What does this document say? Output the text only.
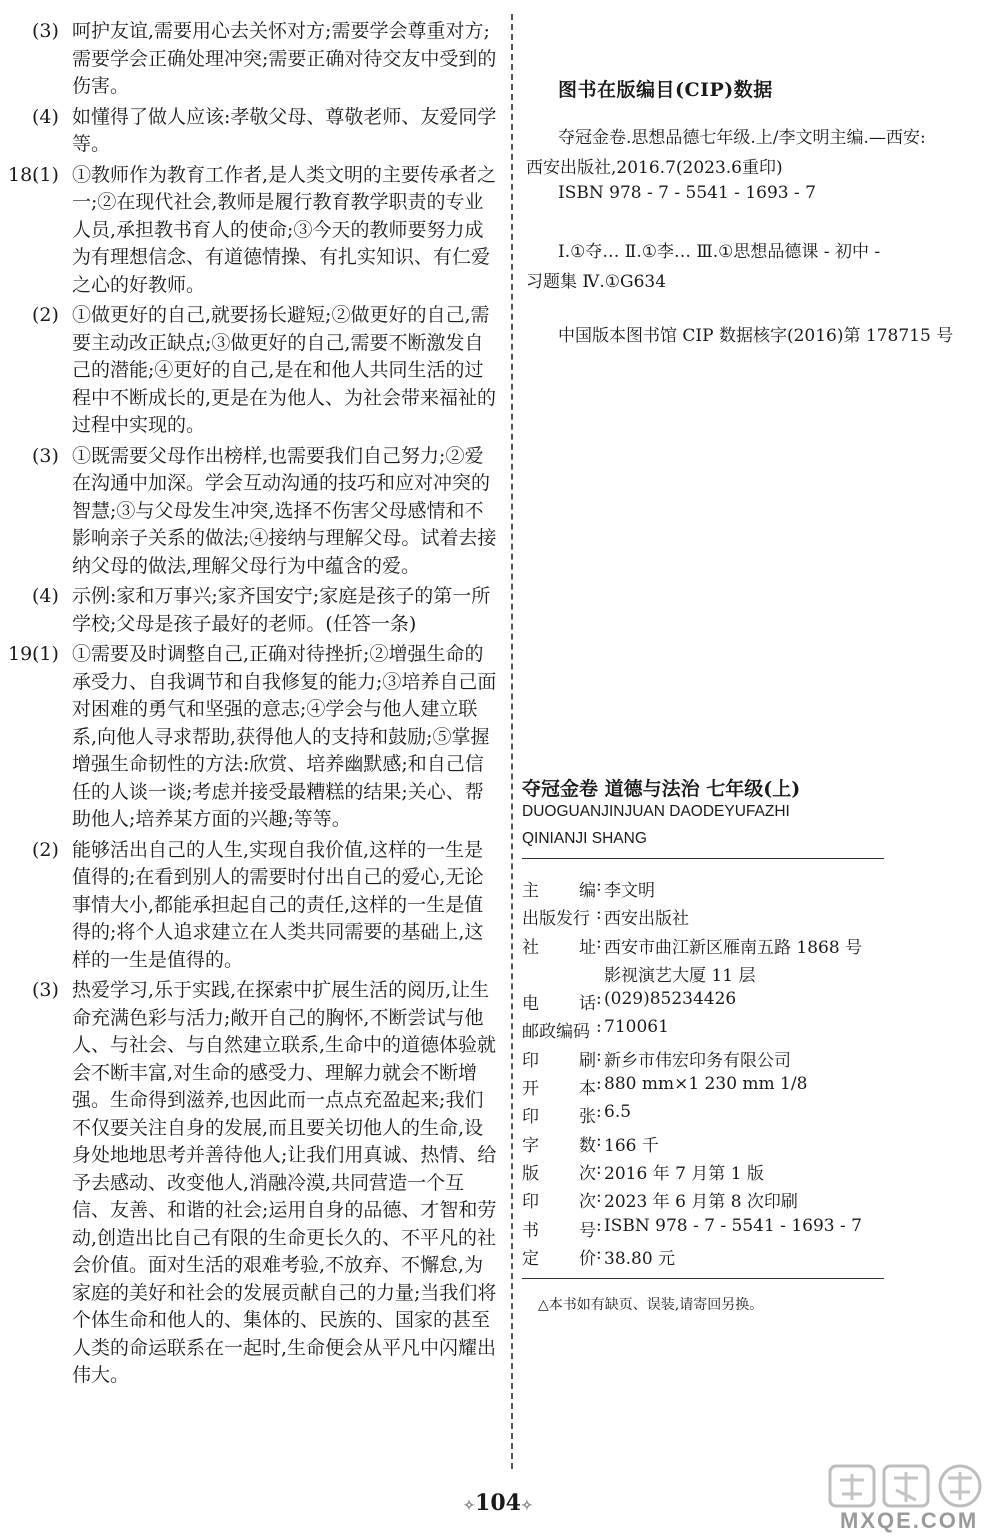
(3) 呵护友谊,需要用心去关怀对方;需要学会尊重对方;需要学会正确处理冲突;需要正确对待交友中受到的伤害。
(4) 如懂得了做人应该:孝敬父母、尊敬老师、友爱同学等。
18.
(1) ①教师作为教育工作者,是人类文明的主要传承者之一;②在现代社会,教师是履行教育教学职责的专业人员,承担教书育人的使命;③今天的教师要努力成为有理想信念、有道德情操、有扎实知识、有仁爱之心的好教师。
(2) ①做更好的自己,就要扬长避短;②做更好的自己,需要主动改正缺点;③做更好的自己,需要不断激发自己的潜能;④更好的自己,是在和他人共同生活的过程中不断成长的,更是在为他人、为社会带来福祉的过程中实现的。
(3) ①既需要父母作出榜样,也需要我们自己努力;②爱在沟通中加深。学会互动沟通的技巧和应对冲突的智慧;③与父母发生冲突,选择不伤害父母感情和不影响亲子关系的做法;④接纳与理解父母。试着去接纳父母的做法,理解父母行为中蕴含的爱。
(4) 示例:家和万事兴;家齐国安宁;家庭是孩子的第一所学校;父母是孩子最好的老师。(任答一条)
19.
(1) ①需要及时调整自己,正确对待挫折;②增强生命的承受力、自我调节和自我修复的能力;③培养自己面对困难的勇气和坚强的意志;④学会与他人建立联系,向他人寻求帮助,获得他人的支持和鼓励;⑤掌握增强生命韧性的方法:欣赏、培养幽默感;和自己信任的人谈一谈;考虑并接受最糟糕的结果;关心、帮助他人;培养某方面的兴趣;等等。
(2) 能够活出自己的人生,实现自我价值,这样的一生是值得的;在看到别人的需要时付出自己的爱心,无论事情大小,都能承担起自己的责任,这样的一生是值得的;将个人追求建立在人类共同需要的基础上,这样的一生是值得的。
(3) 热爱学习,乐于实践,在探索中扩展生活的阅历,让生命充满色彩与活力;敞开自己的胸怀,不断尝试与他人、与社会、与自然建立联系,生命中的道德体验就会不断丰富,对生命的感受力、理解力就会不断增强。生命得到滋养,也因此而一点点充盈起来;我们不仅要关注自身的发展,而且要关切他人的生命,设身处地地思考并善待他人;让我们用真诚、热情、给予去感动、改变他人,消融冷漠,共同营造一个互信、友善、和谐的社会;运用自身的品德、才智和劳动,创造出比自己有限的生命更长久的、不平凡的社会价值。面对生活的艰难考验,不放弃、不懈怠,为家庭的美好和社会的发展贡献自己的力量;当我们将个体生命和他人的、集体的、民族的、国家的甚至人类的命运联系在一起时,生命便会从平凡中闪耀出伟大。
图书在版编目(CIP)数据
夺冠金卷.思想品德七年级.上/李文明主编.—西安:
西安出版社,2016.7(2023.6重印)
ISBN 978 - 7 - 5541 - 1693 - 7
Ⅰ.①夺… Ⅱ.①李… Ⅲ.①思想品德课 - 初中 -
习题集 Ⅳ.①G634
中国版本图书馆 CIP 数据核字(2016)第 178715 号
夺冠金卷 道德与法治 七年级(上)
DUOGUANJINJUAN DAODEYUFAZHI
QINIANJI SHANG
主 编 : 李文明
出版发行 : 西安出版社
社 址 : 西安市曲江新区雁南五路 1868 号
影视演艺大厦 11 层
电 话 : (029)85234426
邮政编码 : 710061
印 刷 : 新乡市伟宏印务有限公司
开 本 : 880 mm×1 230 mm 1/8
印 张 : 6.5
字 数 : 166 千
版 次 : 2016 年 7 月第 1 版
印 次 : 2023 年 6 月第 8 次印刷
书 号 : ISBN 978 - 7 - 5541 - 1693 - 7
定 价 : 38.80 元
△本书如有缺页、误装,请寄回另换。
✧104✧
MXQE.COM
